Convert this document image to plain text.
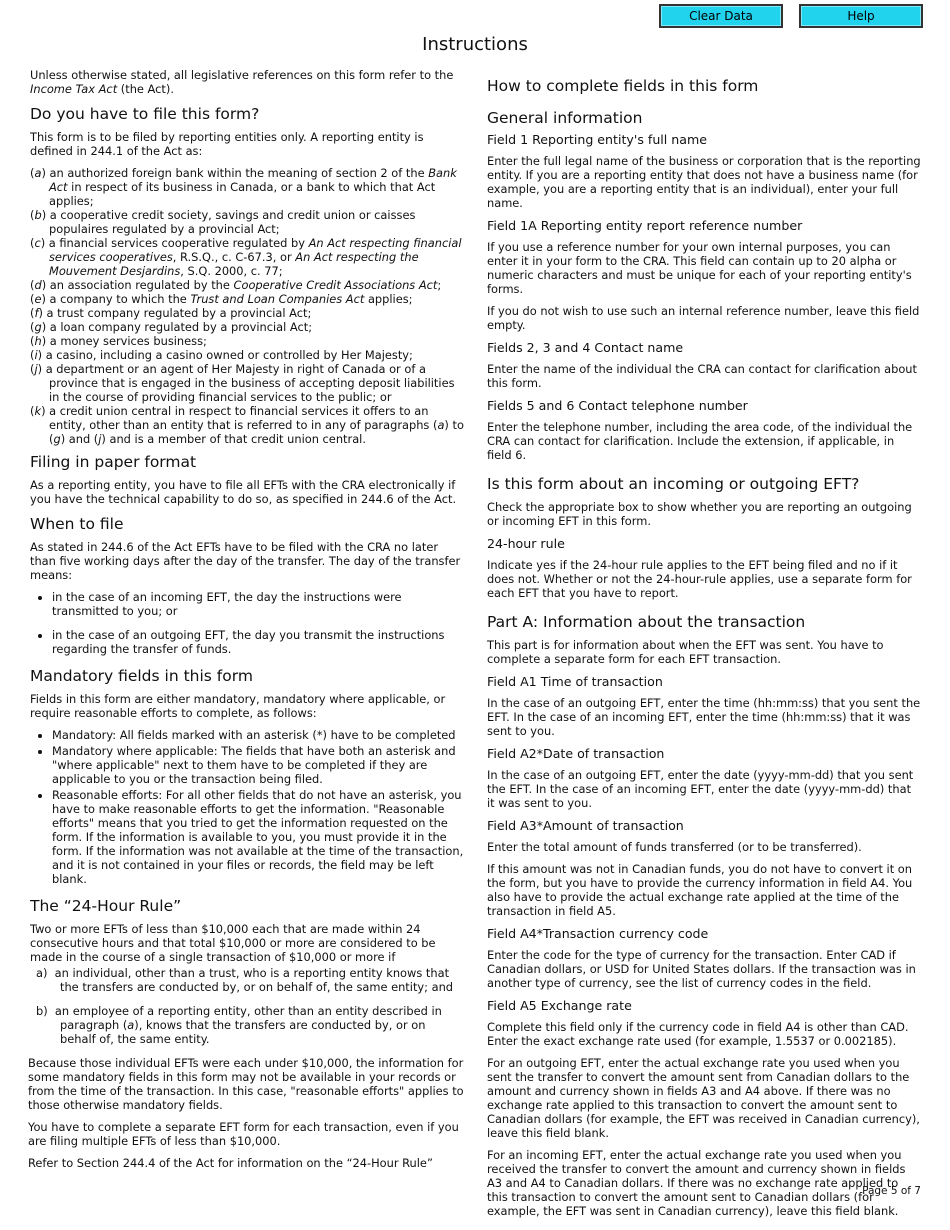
Clear Data	Help
Instructions

Unless otherwise stated, all legislative references on this form refer to the Income Tax Act (the Act).

Do you have to file this form?

This form is to be filed by reporting entities only. A reporting entity is defined in 244.1 of the Act as:

(a) an authorized foreign bank within the meaning of section 2 of the Bank Act in respect of its business in Canada, or a bank to which that Act applies;
(b) a cooperative credit society, savings and credit union or caisses populaires regulated by a provincial Act;
(c) a financial services cooperative regulated by An Act respecting financial services cooperatives, R.S.Q., c. C-67.3, or An Act respecting the Mouvement Desjardins, S.Q. 2000, c. 77;
(d) an association regulated by the Cooperative Credit Associations Act;
(e) a company to which the Trust and Loan Companies Act applies;
(f) a trust company regulated by a provincial Act;
(g) a loan company regulated by a provincial Act;
(h) a money services business;
(i) a casino, including a casino owned or controlled by Her Majesty;
(j) a department or an agent of Her Majesty in right of Canada or of a province that is engaged in the business of accepting deposit liabilities in the course of providing financial services to the public; or
(k) a credit union central in respect to financial services it offers to an entity, other than an entity that is referred to in any of paragraphs (a) to (g) and (j) and is a member of that credit union central.
Filing in paper format

As a reporting entity, you have to file all EFTs with the CRA electronically if you have the technical capability to do so, as specified in 244.6 of the Act.

When to file

As stated in 244.6 of the Act EFTs have to be filed with the CRA no later than five working days after the day of the transfer. The day of the transfer means:

• in the case of an incoming EFT, the day the instructions were transmitted to you; or
• in the case of an outgoing EFT, the day you transmit the instructions regarding the transfer of funds.
Mandatory fields in this form

Fields in this form are either mandatory, mandatory where applicable, or require reasonable efforts to complete, as follows:

• Mandatory: All fields marked with an asterisk (*) have to be completed
• Mandatory where applicable: The fields that have both an asterisk and "where applicable" next to them have to be completed if they are applicable to you or the transaction being filed.
• Reasonable efforts: For all other fields that do not have an asterisk, you have to make reasonable efforts to get the information. "Reasonable efforts" means that you tried to get the information requested on the form. If the information is available to you, you must provide it in the form. If the information was not available at the time of the transaction, and it is not contained in your files or records, the field may be left blank.
The “24-Hour Rule”

Two or more EFTs of less than $10,000 each that are made within 24 consecutive hours and that total $10,000 or more are considered to be made in the course of a single transaction of $10,000 or more if

a)  an individual, other than a trust, who is a reporting entity knows that the transfers are conducted by, or on behalf of, the same entity; and
b)  an employee of a reporting entity, other than an entity described in paragraph (a), knows that the transfers are conducted by, or on behalf of, the same entity.

Because those individual EFTs were each under $10,000, the information for some mandatory fields in this form may not be available in your records or from the time of the transaction. In this case, "reasonable efforts" applies to those otherwise mandatory fields.

You have to complete a separate EFT form for each transaction, even if you are filing multiple EFTs of less than $10,000.

Refer to Section 244.4 of the Act for information on the “24-Hour Rule”

How to complete fields in this form
General information
Field 1 Reporting entity's full name

Enter the full legal name of the business or corporation that is the reporting entity. If you are a reporting entity that does not have a business name (for example, you are a reporting entity that is an individual), enter your full name.

Field 1A Reporting entity report reference number

If you use a reference number for your own internal purposes, you can enter it in your form to the CRA. This field can contain up to 20 alpha or numeric characters and must be unique for each of your reporting entity's forms.

If you do not wish to use such an internal reference number, leave this field empty.

Fields 2, 3 and 4 Contact name

Enter the name of the individual the CRA can contact for clarification about this form.

Fields 5 and 6 Contact telephone number

Enter the telephone number, including the area code, of the individual the CRA can contact for clarification. Include the extension, if applicable, in field 6.

Is this form about an incoming or outgoing EFT?

Check the appropriate box to show whether you are reporting an outgoing or incoming EFT in this form.

24-hour rule

Indicate yes if the 24-hour rule applies to the EFT being filed and no if it does not. Whether or not the 24-hour-rule applies, use a separate form for each EFT that you have to report.

Part A: Information about the transaction

This part is for information about when the EFT was sent. You have to complete a separate form for each EFT transaction.

Field A1 Time of transaction

In the case of an outgoing EFT, enter the time (hh:mm:ss) that you sent the EFT. In the case of an incoming EFT, enter the time (hh:mm:ss) that it was sent to you.

Field A2*Date of transaction

In the case of an outgoing EFT, enter the date (yyyy-mm-dd) that you sent the EFT. In the case of an incoming EFT, enter the date (yyyy-mm-dd) that it was sent to you.

Field A3*Amount of transaction

Enter the total amount of funds transferred (or to be transferred).

If this amount was not in Canadian funds, you do not have to convert it on the form, but you have to provide the currency information in field A4. You also have to provide the actual exchange rate applied at the time of the transaction in field A5.

Field A4*Transaction currency code

Enter the code for the type of currency for the transaction. Enter CAD if Canadian dollars, or USD for United States dollars. If the transaction was in another type of currency, see the list of currency codes in the field.

Field A5 Exchange rate

Complete this field only if the currency code in field A4 is other than CAD. Enter the exact exchange rate used (for example, 1.5537 or 0.002185).

For an outgoing EFT, enter the actual exchange rate you used when you sent the transfer to convert the amount sent from Canadian dollars to the amount and currency shown in fields A3 and A4 above. If there was no exchange rate applied to this transaction to convert the amount sent to Canadian dollars (for example, the EFT was received in Canadian currency), leave this field blank.

For an incoming EFT, enter the actual exchange rate you used when you received the transfer to convert the amount and currency shown in fields A3 and A4 to Canadian dollars. If there was no exchange rate applied to this transaction to convert the amount sent to Canadian dollars (for example, the EFT was sent in Canadian currency), leave this field blank.

Page 5 of 7
